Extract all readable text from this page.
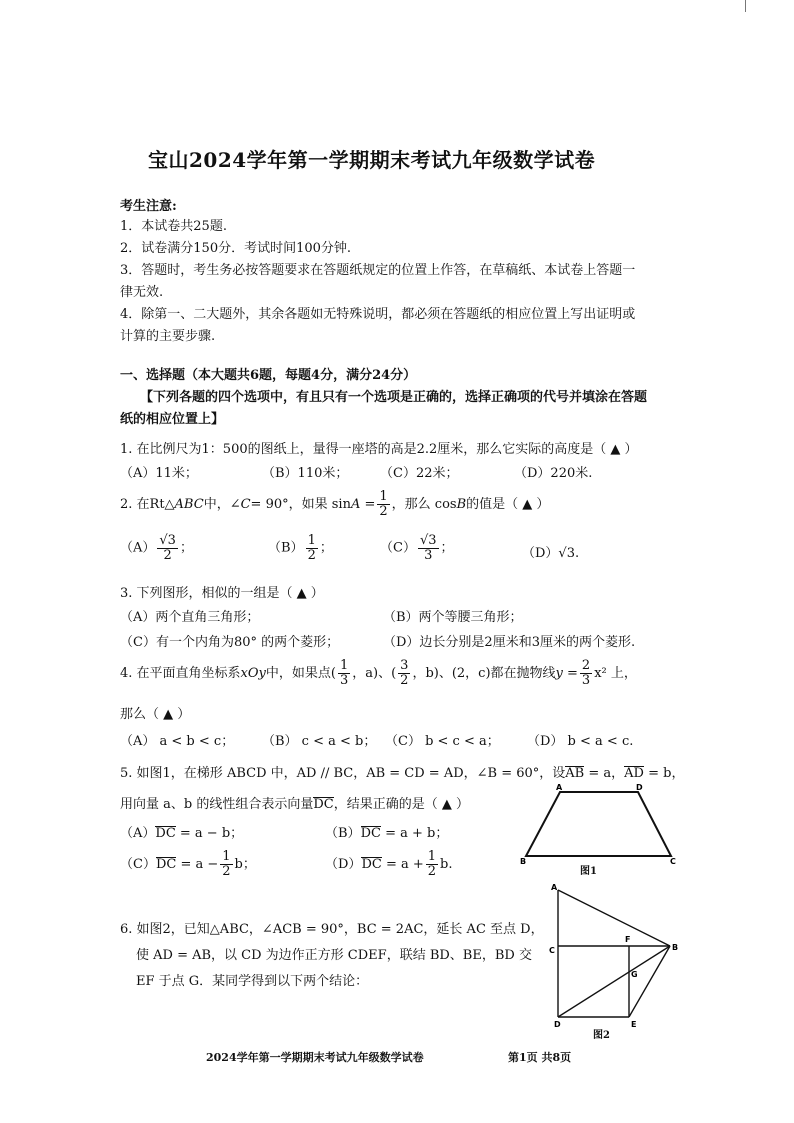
宝山2024学年第一学期期末考试九年级数学试卷
考生注意:
1．本试卷共25题.
2．试卷满分150分．考试时间100分钟.
3．答题时，考生务必按答题要求在答题纸规定的位置上作答，在草稿纸、本试卷上答题一
律无效.
4．除第一、二大题外，其余各题如无特殊说明，都必须在答题纸的相应位置上写出证明或
计算的主要步骤.
一、选择题（本大题共6题，每题4分，满分24分）
【下列各题的四个选项中，有且只有一个选项是正确的，选择正确项的代号并填涂在答题
纸的相应位置上】
1. 在比例尺为1：500的图纸上，量得一座塔的高是2.2厘米，那么它实际的高度是（ ▲ ）
（A）11米；	（B）110米； （C）22米；	（D）220米.
2. 在Rt△ABC中，∠C= 90°，如果 $\sin A = \frac{1}{2}$ ，那么 cosB的值是（ ▲ ）
$(A) \frac{√3}{2}$ ；	$(B) \frac{1}{2}$ ；	$(C) \frac{√3}{3}$ ；	（D）√3.
3. 下列图形，相似的一组是（ ▲ ）
（A）两个直角三角形；	（B）两个等腰三角形；
（C）有一个内角为80° 的两个菱形；	（D）边长分别是2厘米和3厘米的两个菱形.
4. 在平面直角坐标系xOy中，如果点( $\frac{1}{3}$ ，a)、( $\frac{3}{2}$ ，b)、(2，c)都在抛物线$y = \frac{2}{3} x^2$ 上，
那么（ ▲ ）
（A） a < b < c； （B） c < a < b； （C） b < c < a； （D） b < a < c.
5. 如图1，在梯形 ABCD 中，AD // BC，AB = CD = AD，∠B = 60°，设AB = a，AD = b，
用向量 a、b 的线性组合表示向量DC，结果正确的是（ ▲ ）
（A）DC = a − b；	（B）DC = a + b；
$(C)DC = a - \frac{1}{2}$ b；	$(D)DC = a + \frac{1}{2} b$.
A	D
B	C
图1
6. 如图2，已知△ABC，∠ACB = 90°，BC = 2AC，延长 AC 至点 D，
使 AD = AB，以 CD 为边作正方形 CDEF，联结 BD、BE，BD 交
EF 于点 G．某同学得到以下两个结论：
A
C
F
B
G
D	E
图2
2024学年第一学期期末考试九年级数学试卷	第1页 共8页
